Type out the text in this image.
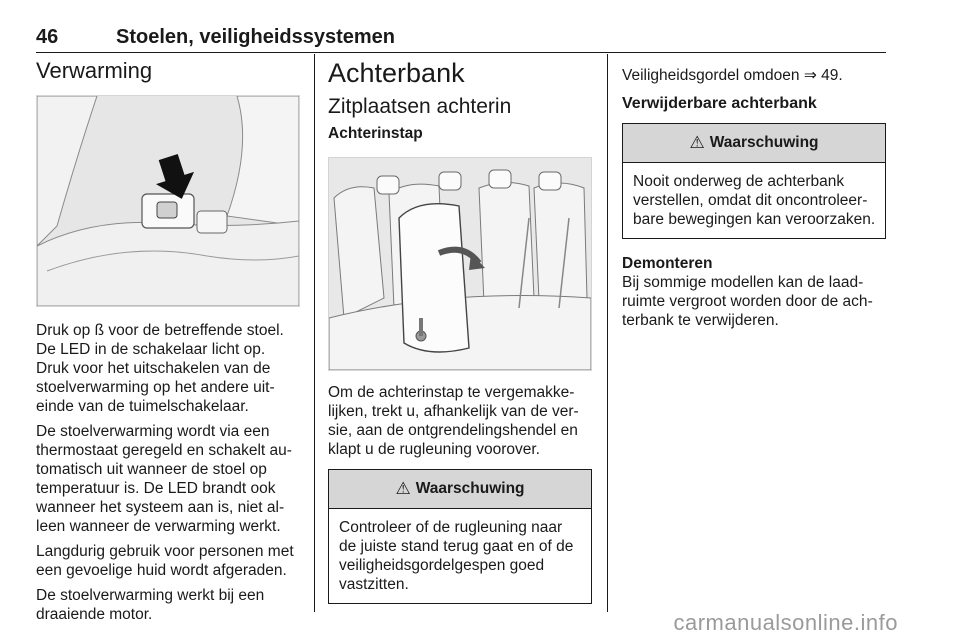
46	Stoelen, veiligheidssystemen
Verwarming

Druk op ß voor de betreffende stoel. De LED in de schakelaar licht op. Druk voor het uitschakelen van de stoelverwarming op het andere uiteinde van de tuimelschakelaar.

De stoelverwarming wordt via een thermostaat geregeld en schakelt automatisch uit wanneer de stoel op temperatuur is. De LED brandt ook wanneer het systeem aan is, niet alleen wanneer de verwarming werkt.

Langdurig gebruik voor personen met een gevoelige huid wordt afgeraden.

De stoelverwarming werkt bij een draaiende motor.

Achterbank
Zitplaatsen achterin
Achterinstap

Om de achterinstap te vergemakkelijken, trekt u, afhankelijk van de versie, aan de ontgrendelingshendel en klapt u de rugleuning voorover.

⚠ Waarschuwing
Controleer of de rugleuning naar de juiste stand terug gaat en of de veiligheidsgordelgespen goed vastzitten.

Veiligheidsgordel omdoen ⇒ 49.

Verwijderbare achterbank
⚠ Waarschuwing
Nooit onderweg de achterbank verstellen, omdat dit oncontroleerbare bewegingen kan veroorzaken.
Demonteren

Bij sommige modellen kan de laadruimte vergroot worden door de achterbank te verwijderen.

carmanualsonline.info
